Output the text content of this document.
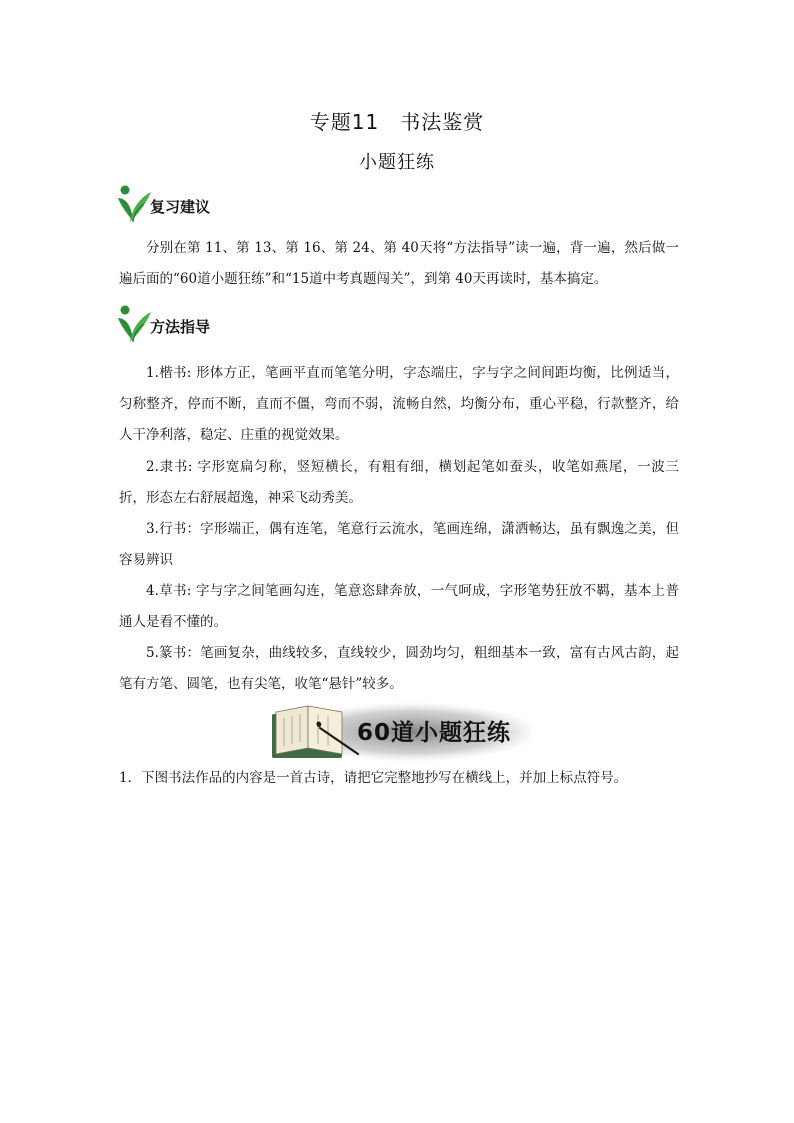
专题11　书法鉴赏
小题狂练
复习建议
分别在第 11、第 13、第 16、第 24、第 40天将“方法指导”读一遍，背一遍，然后做一遍后面的“60道小题狂练”和“15道中考真题闯关”，到第 40天再读时，基本搞定。
方法指导
1.楷书: 形体方正，笔画平直而笔笔分明，字态端庄，字与字之间间距均衡，比例适当，匀称整齐，停而不断，直而不僵，弯而不弱，流畅自然，均衡分布，重心平稳，行款整齐，给人干净利落，稳定、庄重的视觉效果。
2.隶书: 字形宽扁匀称，竖短横长，有粗有细，横划起笔如蚕头，收笔如燕尾，一波三折，形态左右舒展超逸，神采飞动秀美。
3.行书：字形端正，偶有连笔，笔意行云流水，笔画连绵，潇洒畅达，虽有飘逸之美，但容易辨识
4.草书: 字与字之间笔画勾连，笔意恣肆奔放，一气呵成，字形笔势狂放不羁，基本上普通人是看不懂的。
5.篆书：笔画复杂，曲线较多，直线较少，圆劲均匀，粗细基本一致，富有古风古韵，起笔有方笔、圆笔，也有尖笔，收笔“悬针”较多。
60道小题狂练
1．下图书法作品的内容是一首古诗，请把它完整地抄写在横线上，并加上标点符号。
